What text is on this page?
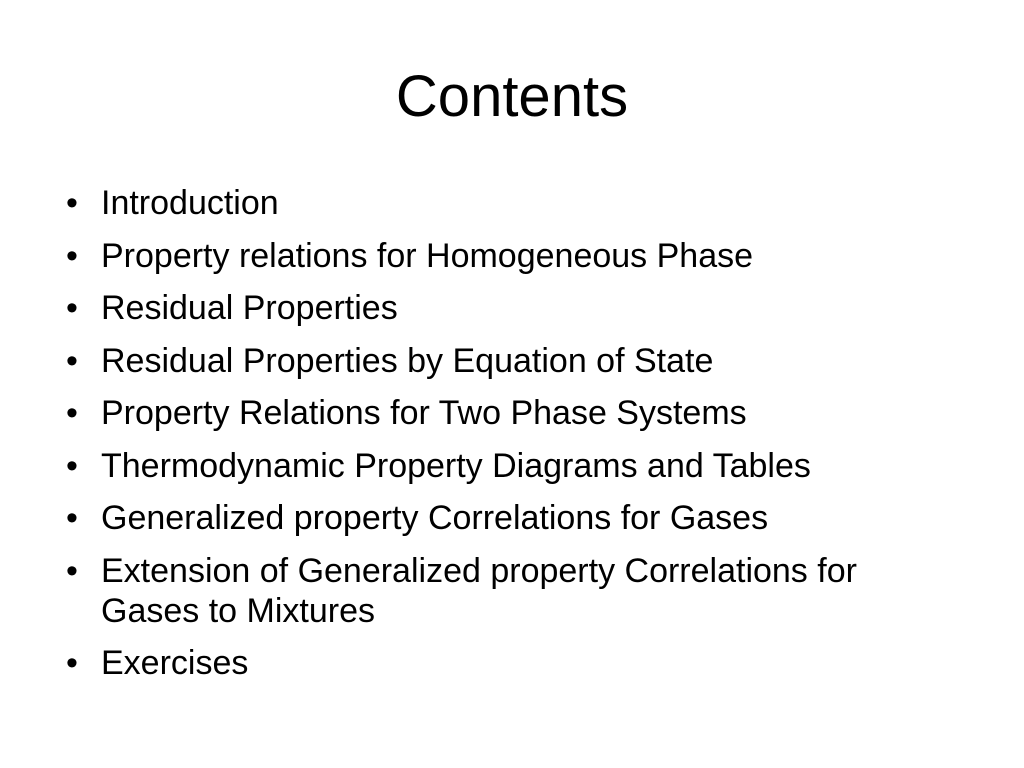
Contents
• Introduction
• Property relations for Homogeneous Phase
• Residual Properties
• Residual Properties by Equation of State
• Property Relations for Two Phase Systems
• Thermodynamic Property Diagrams and Tables
• Generalized property Correlations for Gases
• Extension of Generalized property Correlations for Gases to Mixtures
• Exercises
